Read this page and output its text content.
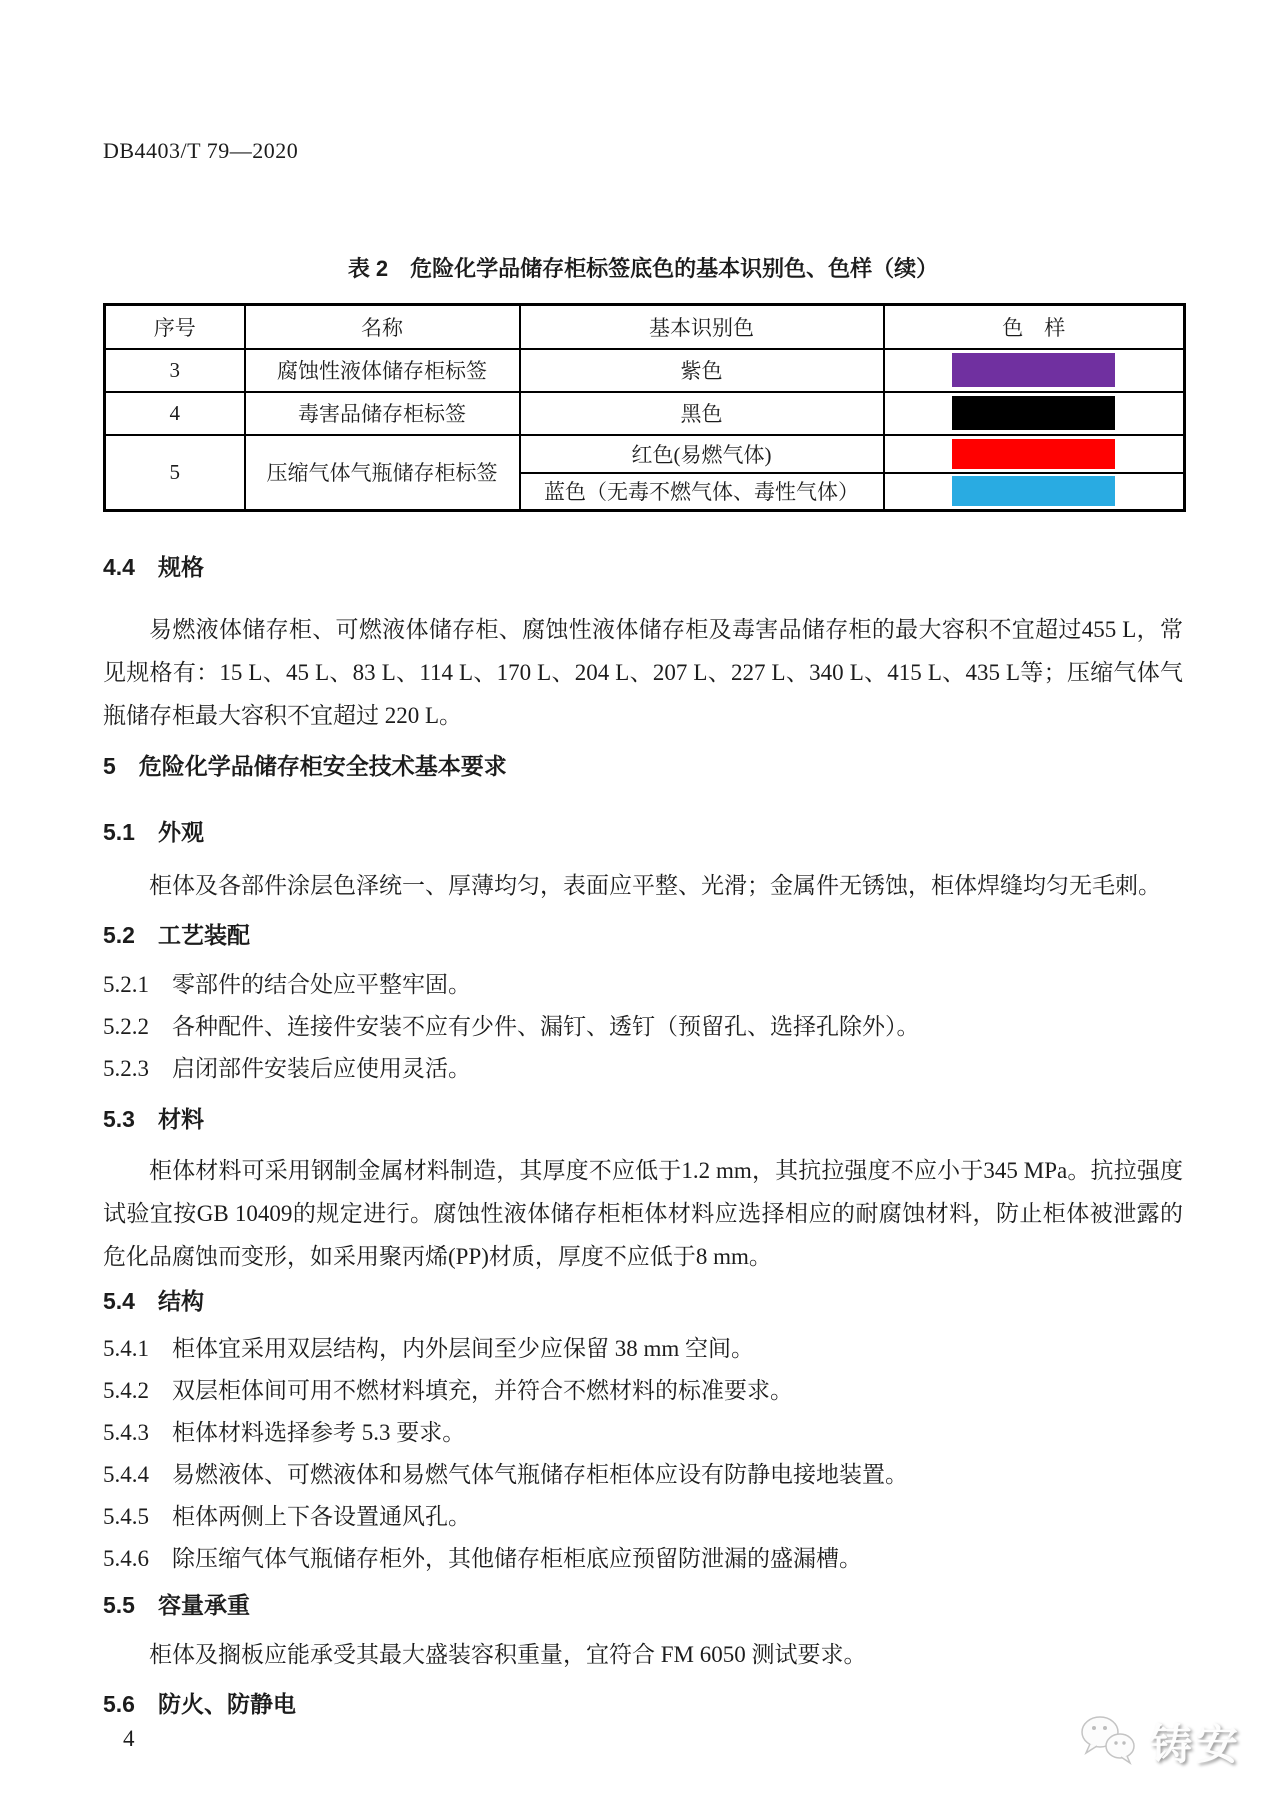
DB4403/T 79—2020
表 2　危险化学品储存柜标签底色的基本识别色、色样（续）
序号	名称	基本识别色	色　样
3	腐蚀性液体储存柜标签	紫色	

4	毒害品储存柜标签	黑色	

5	压缩气体气瓶储存柜标签	红色(易燃气体)	

		蓝色（无毒不燃气体、毒性气体）	
4.4　规格

易燃液体储存柜、可燃液体储存柜、腐蚀性液体储存柜及毒害品储存柜的最大容积不宜超过455 L，常见规格有：15 L、45 L、83 L、114 L、170 L、204 L、207 L、227 L、340 L、415 L、435 L等；压缩气体气瓶储存柜最大容积不宜超过 220 L。

5　危险化学品储存柜安全技术基本要求
5.1　外观

柜体及各部件涂层色泽统一、厚薄均匀，表面应平整、光滑；金属件无锈蚀，柜体焊缝均匀无毛刺。

5.2　工艺装配

5.2.1　零部件的结合处应平整牢固。

5.2.2　各种配件、连接件安装不应有少件、漏钉、透钉（预留孔、选择孔除外）。

5.2.3　启闭部件安装后应使用灵活。

5.3　材料

柜体材料可采用钢制金属材料制造，其厚度不应低于1.2 mm，其抗拉强度不应小于345 MPa。抗拉强度试验宜按GB 10409的规定进行。腐蚀性液体储存柜柜体材料应选择相应的耐腐蚀材料，防止柜体被泄露的危化品腐蚀而变形，如采用聚丙烯(PP)材质，厚度不应低于8 mm。

5.4　结构

5.4.1　柜体宜采用双层结构，内外层间至少应保留 38 mm 空间。

5.4.2　双层柜体间可用不燃材料填充，并符合不燃材料的标准要求。

5.4.3　柜体材料选择参考 5.3 要求。

5.4.4　易燃液体、可燃液体和易燃气体气瓶储存柜柜体应设有防静电接地装置。

5.4.5　柜体两侧上下各设置通风孔。

5.4.6　除压缩气体气瓶储存柜外，其他储存柜柜底应预留防泄漏的盛漏槽。

5.5　容量承重

柜体及搁板应能承受其最大盛装容积重量，宜符合 FM 6050 测试要求。

5.6　防火、防静电
4	铸安
